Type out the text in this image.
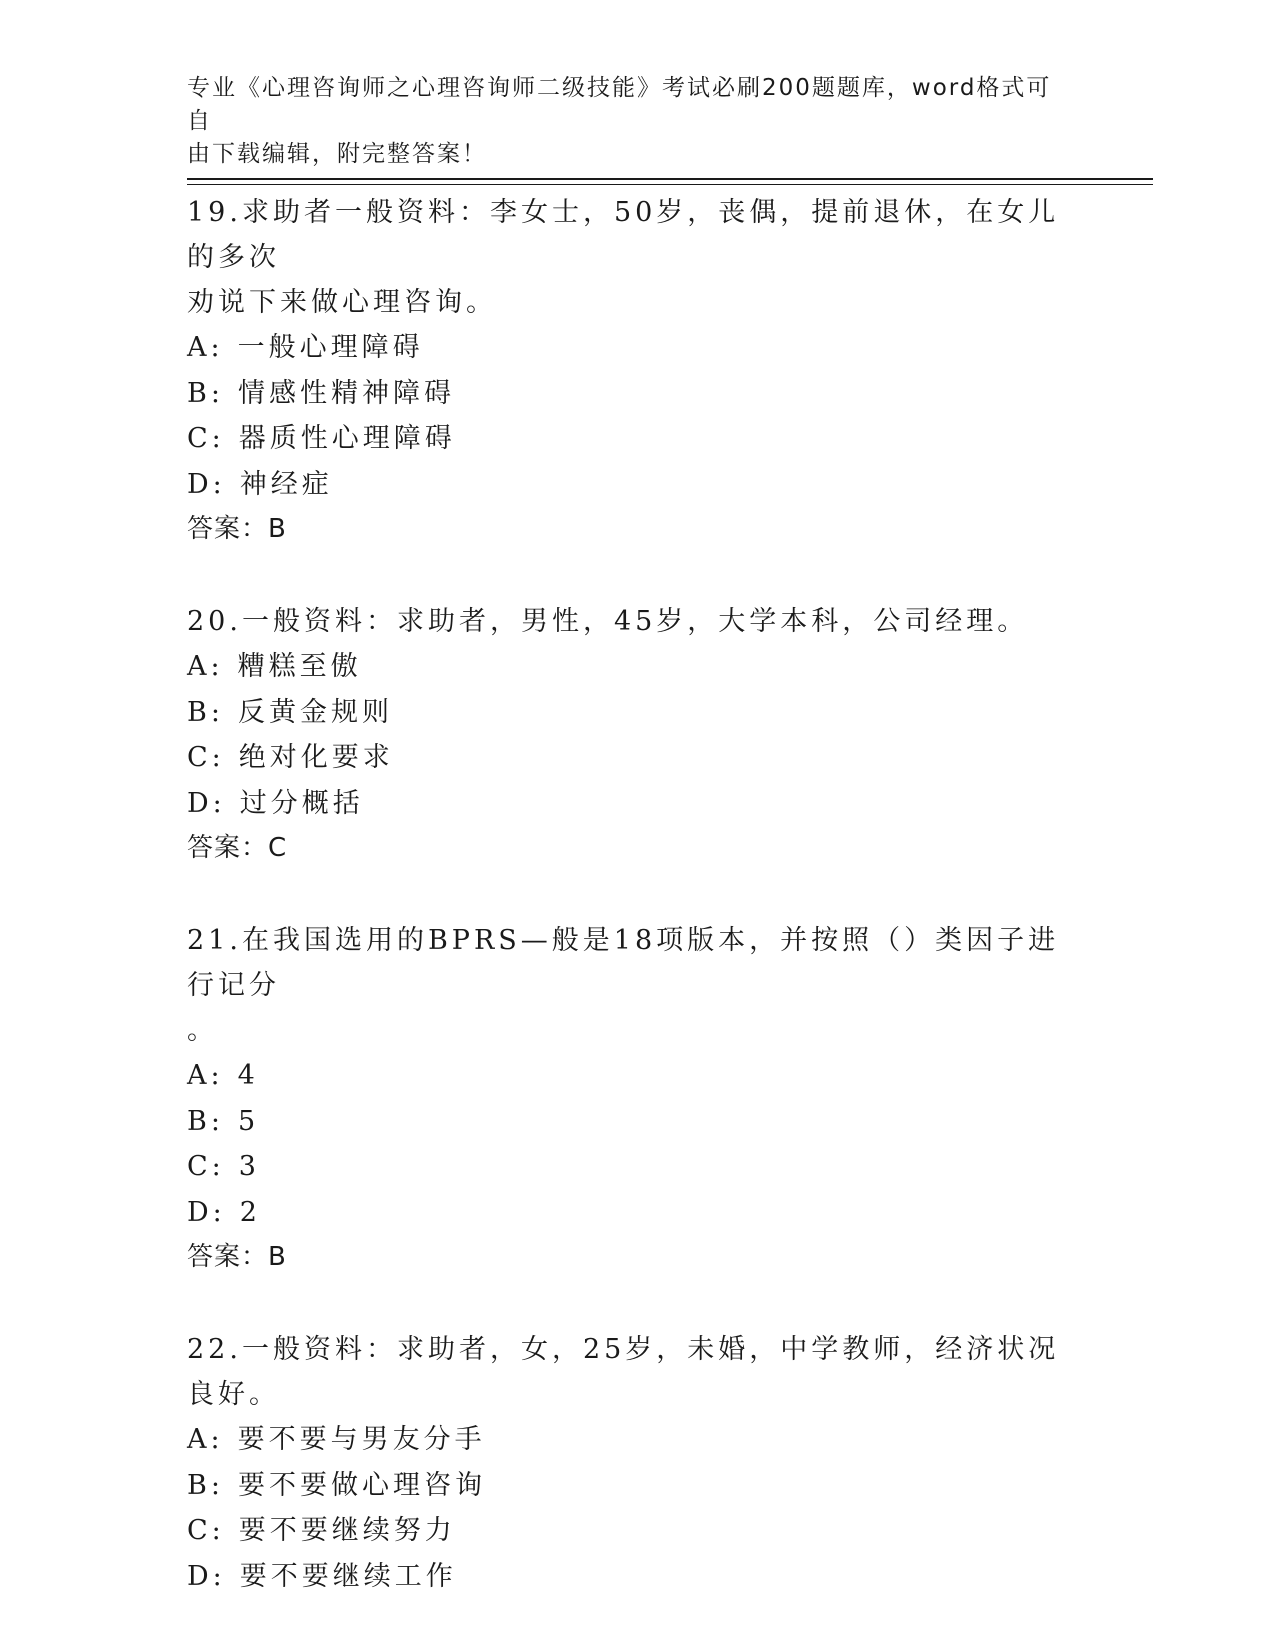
专业《心理咨询师之心理咨询师二级技能》考试必刷200题题库，word格式可自
由下载编辑，附完整答案！

19.求助者一般资料：李女士，50岁，丧偶，提前退休，在女儿的多次

劝说下来做心理咨询。

A: 一般心理障碍

B: 情感性精神障碍

C: 器质性心理障碍

D: 神经症

答案：B

20.一般资料：求助者，男性，45岁，大学本科，公司经理。

A: 糟糕至傲

B: 反黄金规则

C: 绝对化要求

D: 过分概括

答案：C

21.在我国选用的BPRS—般是18项版本，并按照（）类因子进行记分

。

A: 4

B: 5

C: 3

D: 2

答案：B

22.一般资料：求助者，女，25岁，未婚，中学教师，经济状况良好。

A: 要不要与男友分手

B: 要不要做心理咨询

C: 要不要继续努力

D: 要不要继续工作
